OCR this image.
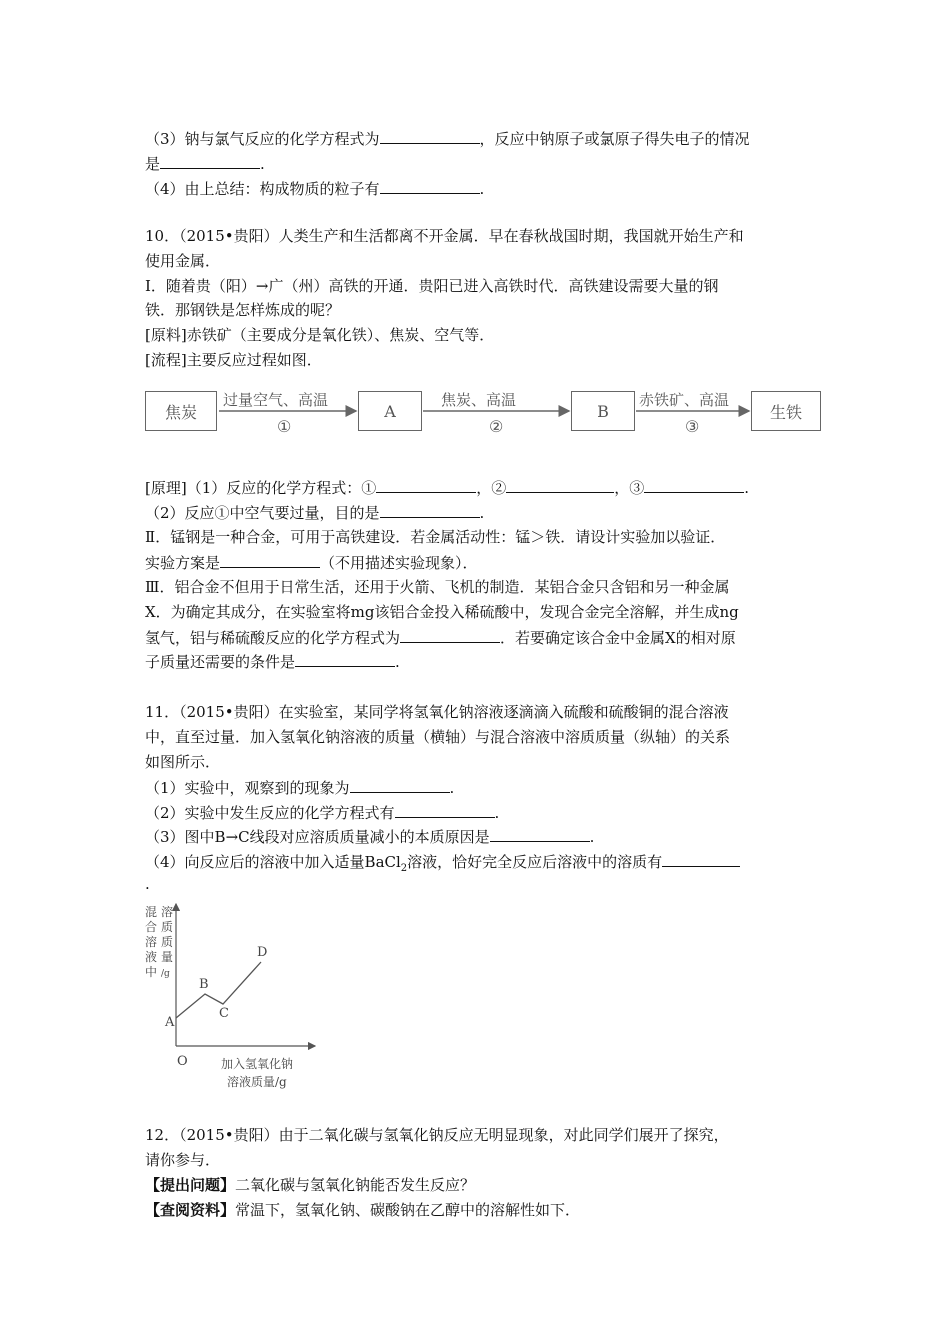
（3）钠与氯气反应的化学方程式为	，反应中钠原子或氯原子得失电子的情况
是	.
（4）由上总结：构成物质的粒子有	.
10．（2015•贵阳）人类生产和生活都离不开金属．早在春秋战国时期，我国就开始生产和
使用金属．
Ⅰ．随着贵（阳）→广（州）高铁的开通．贵阳已进入高铁时代．高铁建设需要大量的钢
铁．那钢铁是怎样炼成的呢？
[原料]赤铁矿（主要成分是氧化铁）、焦炭、空气等．
[流程]主要反应过程如图．
焦炭	A	B	生铁
过量空气、高温	焦炭、高温	赤铁矿、高温
①	②	③
[原理]（1）反应的化学方程式：①	，②	，③	.
（2）反应①中空气要过量，目的是	.
Ⅱ．锰钢是一种合金，可用于高铁建设．若金属活动性：锰＞铁．请设计实验加以验证．
实验方案是	（不用描述实验现象）．
Ⅲ．铝合金不但用于日常生活，还用于火箭、飞机的制造．某铝合金只含铝和另一种金属
X．为确定其成分，在实验室将mg该铝合金投入稀硫酸中，发现合金完全溶解，并生成ng
氢气，铝与稀硫酸反应的化学方程式为	．若要确定该合金中金属X的相对原
子质量还需要的条件是	.
11．（2015•贵阳）在实验室，某同学将氢氧化钠溶液逐滴滴入硫酸和硫酸铜的混合溶液
中，直至过量．加入氢氧化钠溶液的质量（横轴）与混合溶液中溶质质量（纵轴）的关系
如图所示．
（1）实验中，观察到的现象为	.
（2）实验中发生反应的化学方程式有	.
（3）图中B→C线段对应溶质质量减小的本质原因是	.
（4）向反应后的溶液中加入适量BaCl$_2$溶液，恰好完全反应后溶液中的溶质有
.
混
合
溶
液
中
溶
质
质
量
/g
O
A
B
C
D
加入氢氧化钠
溶液质量/g
12．（2015•贵阳）由于二氧化碳与氢氧化钠反应无明显现象，对此同学们展开了探究，
请你参与．
【提出问题】二氧化碳与氢氧化钠能否发生反应？
【查阅资料】常温下，氢氧化钠、碳酸钠在乙醇中的溶解性如下．
